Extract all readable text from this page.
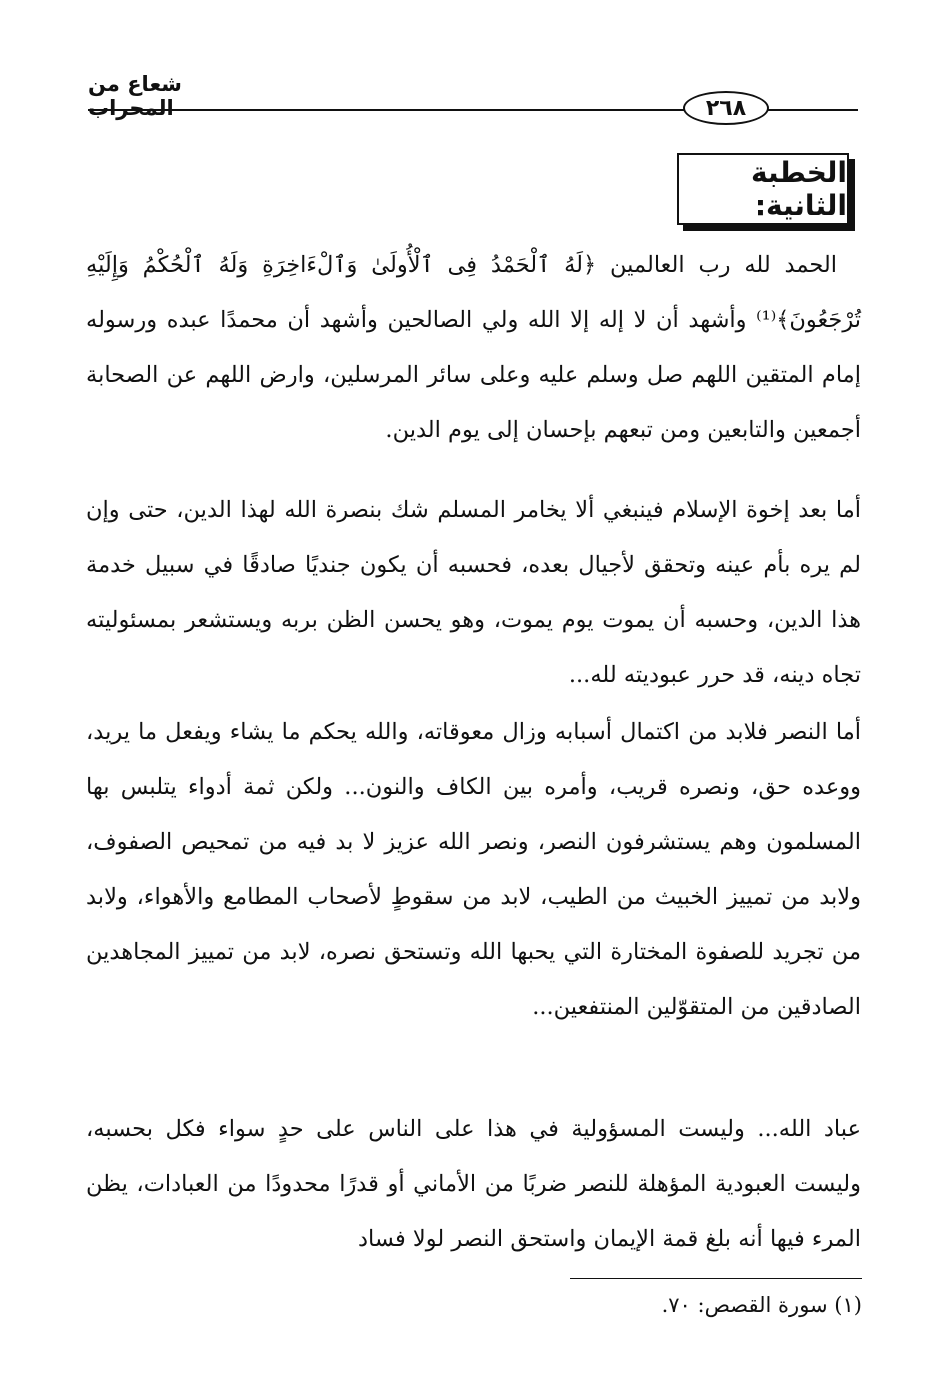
شعاع من المحراب	٢٦٨
الخطبة الثانية:
الحمد لله رب العالمين ﴿لَهُ ٱلْحَمْدُ فِى ٱلْأُولَىٰ وَٱلْءَاخِرَةِ وَلَهُ ٱلْحُكْمُ وَإِلَيْهِ تُرْجَعُونَ﴾⁽¹⁾ وأشهد أن لا إله إلا الله ولي الصالحين وأشهد أن محمدًا عبده ورسوله إمام المتقين اللهم صل وسلم عليه وعلى سائر المرسلين، وارض اللهم عن الصحابة أجمعين والتابعين ومن تبعهم بإحسان إلى يوم الدين.
أما بعد إخوة الإسلام فينبغي ألا يخامر المسلم شك بنصرة الله لهذا الدين، حتى وإن لم يره بأم عينه وتحقق لأجيال بعده، فحسبه أن يكون جنديًا صادقًا في سبيل خدمة هذا الدين، وحسبه أن يموت يوم يموت، وهو يحسن الظن بربه ويستشعر بمسئوليته تجاه دينه، قد حرر عبوديته لله...
أما النصر فلابد من اكتمال أسبابه وزال معوقاته، والله يحكم ما يشاء ويفعل ما يريد، ووعده حق، ونصره قريب، وأمره بين الكاف والنون... ولكن ثمة أدواء يتلبس بها المسلمون وهم يستشرفون النصر، ونصر الله عزيز لا بد فيه من تمحيص الصفوف، ولابد من تمييز الخبيث من الطيب، لابد من سقوطٍ لأصحاب المطامع والأهواء، ولابد من تجريد للصفوة المختارة التي يحبها الله وتستحق نصره، لابد من تمييز المجاهدين الصادقين من المتقوّلين المنتفعين...
عباد الله... وليست المسؤولية في هذا على الناس على حدٍ سواء فكل بحسبه، وليست العبودية المؤهلة للنصر ضربًا من الأماني أو قدرًا محدودًا من العبادات، يظن المرء فيها أنه بلغ قمة الإيمان واستحق النصر لولا فساد
(١) سورة القصص: ٧٠.
